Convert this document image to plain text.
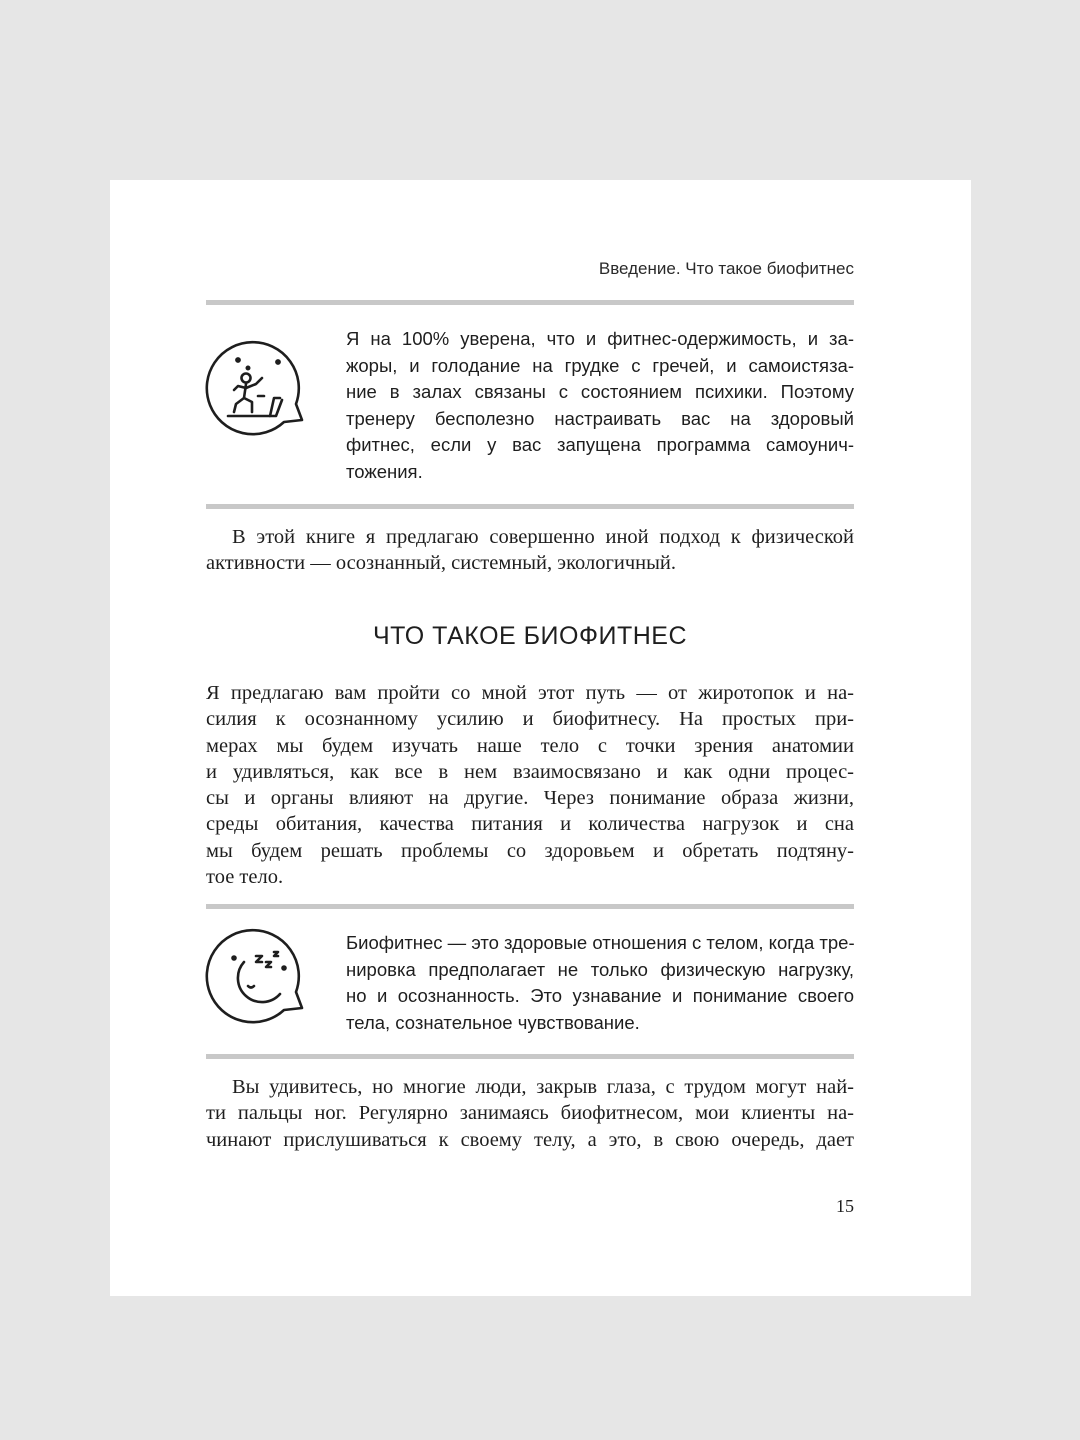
Введение. Что такое биофитнес
Я на 100% уверена, что и фитнес-одержимость, и за-
жоры, и голодание на грудке с гречей, и самоистяза-
ние в залах связаны с состоянием психики. Поэтому
тренеру бесполезно настраивать вас на здоровый
фитнес, если у вас запущена программа самоунич-
тожения.
В этой книге я предлагаю совершенно иной подход к физической
активности — осознанный, системный, экологичный.
ЧТО ТАКОЕ БИОФИТНЕС
Я предлагаю вам пройти со мной этот путь — от жиротопок и на-
силия к осознанному усилию и биофитнесу. На простых при-
мерах мы будем изучать наше тело с точки зрения анатомии
и удивляться, как все в нем взаимосвязано и как одни процес-
сы и органы влияют на другие. Через понимание образа жизни,
среды обитания, качества питания и количества нагрузок и сна
мы будем решать проблемы со здоровьем и обретать подтяну-
тое тело.
Биофитнес — это здоровые отношения с телом, когда тре-
нировка предполагает не только физическую нагрузку,
но и осознанность. Это узнавание и понимание своего
тела, сознательное чувствование.
Вы удивитесь, но многие люди, закрыв глаза, с трудом могут най-
ти пальцы ног. Регулярно занимаясь биофитнесом, мои клиенты на-
чинают прислушиваться к своему телу, а это, в свою очередь, дает
15
